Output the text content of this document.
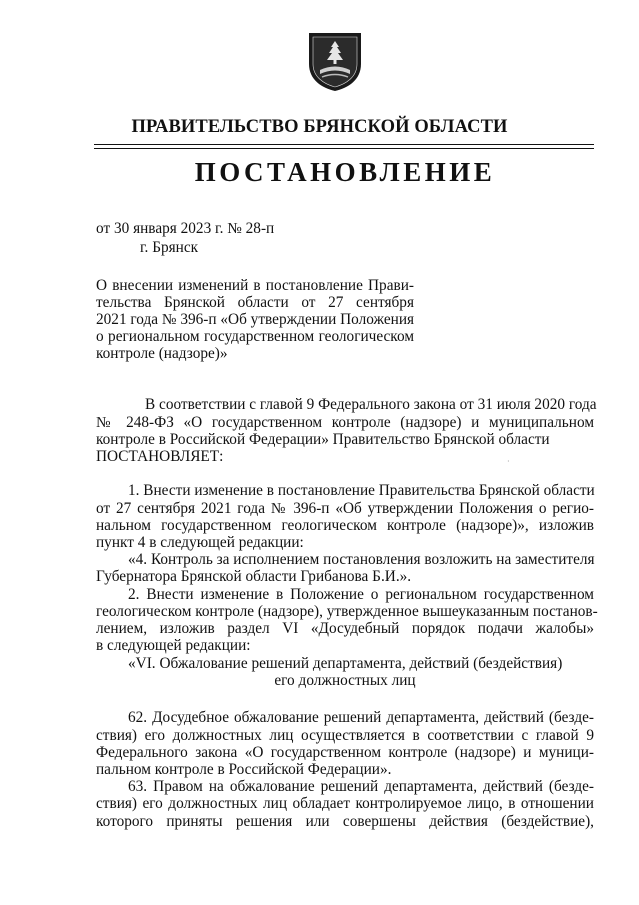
ПРАВИТЕЛЬСТВО БРЯНСКОЙ ОБЛАСТИ
ПОСТАНОВЛЕНИЕ
от 30 января 2023 г. № 28-п
г. Брянск
О внесении изменений в постановление Прави-
тельства Брянской области от 27 сентября
2021 года № 396-п «Об утверждении Положения
о региональном государственном геологическом
контроле (надзоре)»
В соответствии с главой 9 Федерального закона от 31 июля 2020 года
№ 248-ФЗ «О государственном контроле (надзоре) и муниципальном
контроле в Российской Федерации» Правительство Брянской области
ПОСТАНОВЛЯЕТ:	·
1. Внести изменение в постановление Правительства Брянской области
от 27 сентября 2021 года № 396-п «Об утверждении Положения о регио-
нальном государственном геологическом контроле (надзоре)», изложив
пункт 4 в следующей редакции:
«4. Контроль за исполнением постановления возложить на заместителя
Губернатора Брянской области Грибанова Б.И.».
2. Внести изменение в Положение о региональном государственном
геологическом контроле (надзоре), утвержденное вышеуказанным постанов-
лением, изложив раздел VI «Досудебный порядок подачи жалобы»
в следующей редакции:
«VI. Обжалование решений департамента, действий (бездействия)
его должностных лиц
62. Досудебное обжалование решений департамента, действий (безде-
ствия) его должностных лиц осуществляется в соответствии с главой 9
Федерального закона «О государственном контроле (надзоре) и муници-
пальном контроле в Российской Федерации».
63. Правом на обжалование решений департамента, действий (безде-
ствия) его должностных лиц обладает контролируемое лицо, в отношении
которого приняты решения или совершены действия (бездействие),
